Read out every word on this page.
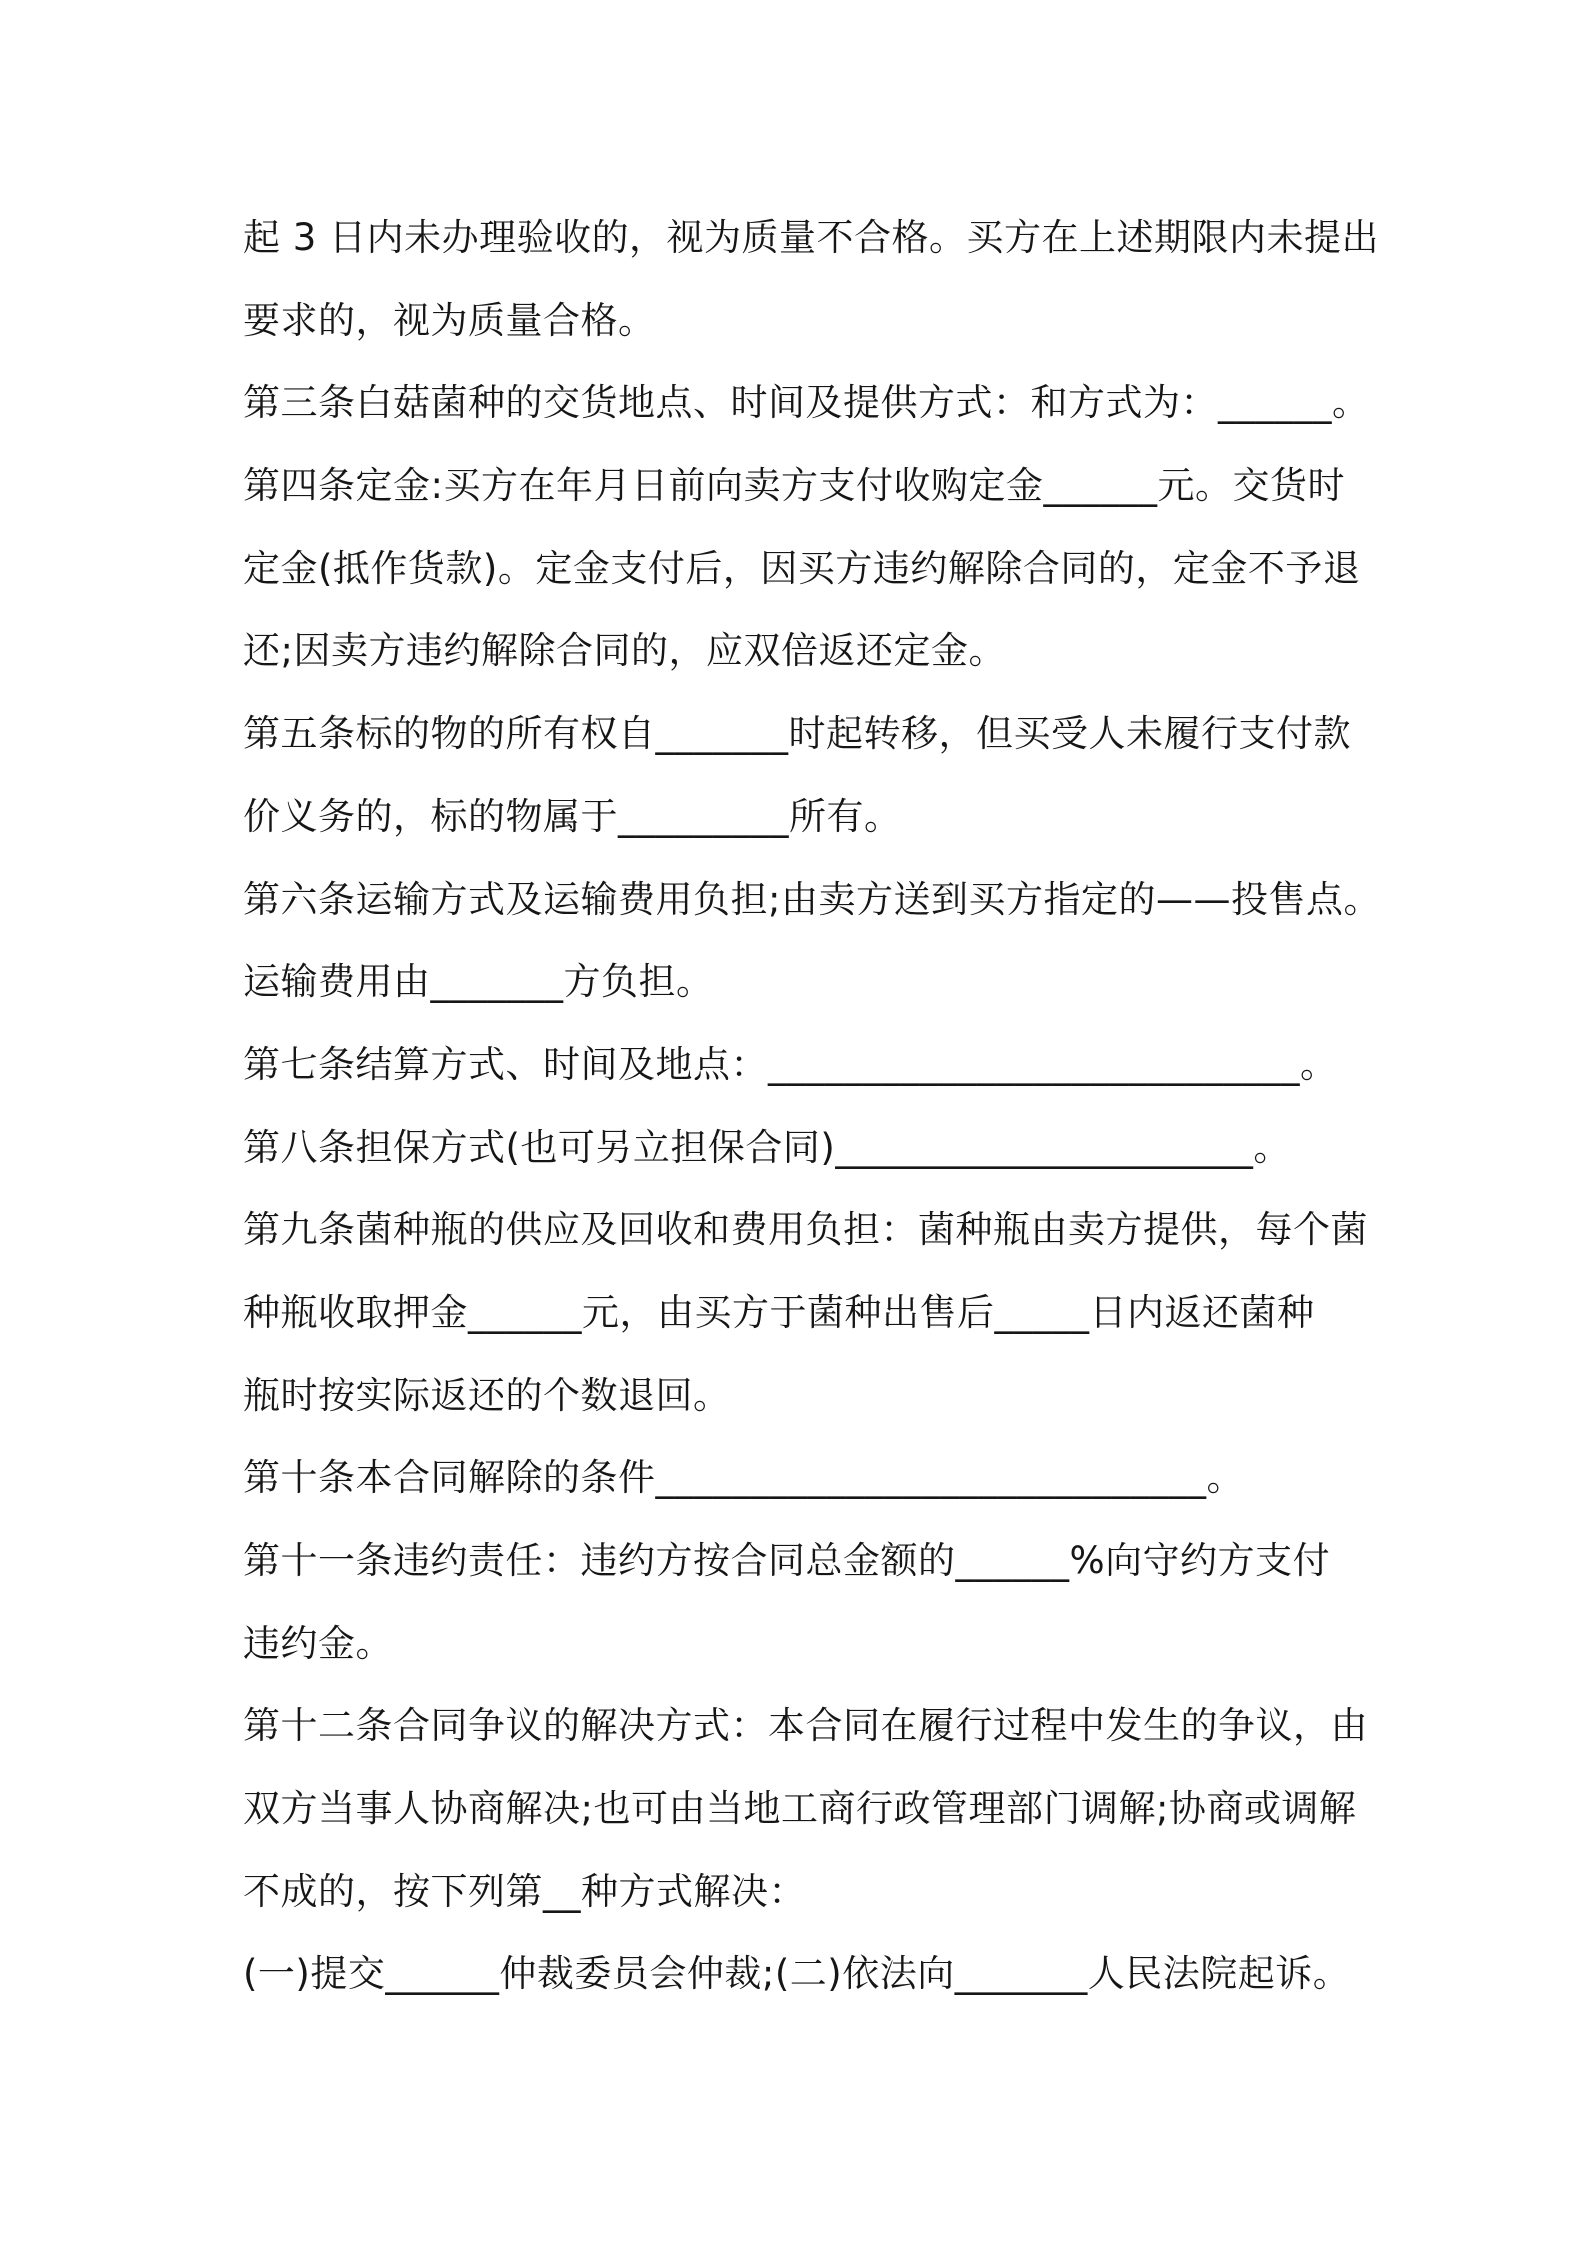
起 3 日内未办理验收的，视为质量不合格。买方在上述期限内未提出
要求的，视为质量合格。
第三条白菇菌种的交货地点、时间及提供方式：和方式为：______。
第四条定金:买方在年月日前向卖方支付收购定金______元。交货时
定金(抵作货款)。定金支付后，因买方违约解除合同的，定金不予退
还;因卖方违约解除合同的，应双倍返还定金。
第五条标的物的所有权自_______时起转移，但买受人未履行支付款
价义务的，标的物属于_________所有。
第六条运输方式及运输费用负担;由卖方送到买方指定的——投售点。
运输费用由_______方负担。
第七条结算方式、时间及地点：____________________________。
第八条担保方式(也可另立担保合同)______________________。
第九条菌种瓶的供应及回收和费用负担：菌种瓶由卖方提供，每个菌
种瓶收取押金______元，由买方于菌种出售后_____日内返还菌种
瓶时按实际返还的个数退回。
第十条本合同解除的条件_____________________________。
第十一条违约责任：违约方按合同总金额的______%向守约方支付
违约金。
第十二条合同争议的解决方式：本合同在履行过程中发生的争议，由
双方当事人协商解决;也可由当地工商行政管理部门调解;协商或调解
不成的，按下列第__种方式解决：
(一)提交______仲裁委员会仲裁;(二)依法向_______人民法院起诉。
